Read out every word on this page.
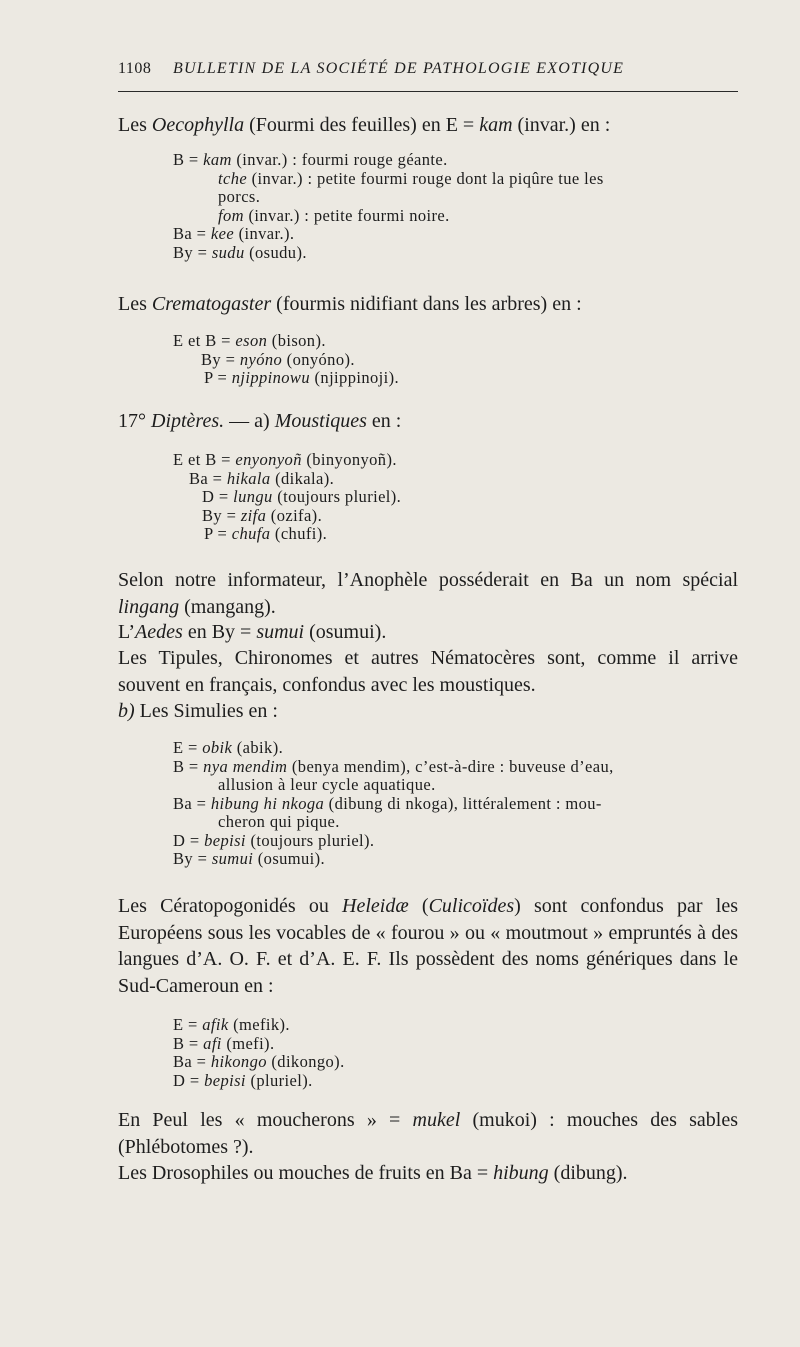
1108 BULLETIN DE LA SOCIÉTÉ DE PATHOLOGIE EXOTIQUE

Les Oecophylla (Fourmi des feuilles) en E = kam (invar.) en :

B = kam (invar.) : fourmi rouge géante.
tche (invar.) : petite fourmi rouge dont la piqûre tue les
porcs.
fom (invar.) : petite fourmi noire.
Ba = kee (invar.).
By = sudu (osudu).

Les Crematogaster (fourmis nidifiant dans les arbres) en :

E et B = eson (bison).
By = nyóno (onyóno).
P = njippinowu (njippinoji).

17° Diptères. — a) Moustiques en :

E et B = enyonyoñ (binyonyoñ).
Ba = hikala (dikala).
D = lungu (toujours pluriel).
By = zifa (ozifa).
P = chufa (chufi).

Selon notre informateur, l’Anophèle posséderait en Ba un nom spécial lingang (mangang).

L’Aedes en By = sumui (osumui).

Les Tipules, Chironomes et autres Nématocères sont, comme il arrive souvent en français, confondus avec les moustiques.

b) Les Simulies en :

E = obik (abik).
B = nya mendim (benya mendim), c’est-à-dire : buveuse d’eau,
allusion à leur cycle aquatique.
Ba = hibung hi nkoga (dibung di nkoga), littéralement : mou-
cheron qui pique.
D = bepisi (toujours pluriel).
By = sumui (osumui).

Les Cératopogonidés ou Heleidæ (Culicoïdes) sont confondus par les Européens sous les vocables de « fourou » ou « moutmout » empruntés à des langues d’A. O. F. et d’A. E. F. Ils possèdent des noms génériques dans le Sud-Cameroun en :

E = afik (mefik).
B = afi (mefi).
Ba = hikongo (dikongo).
D = bepisi (pluriel).

En Peul les « moucherons » = mukel (mukoi) : mouches des sables (Phlébotomes ?).

Les Drosophiles ou mouches de fruits en Ba = hibung (dibung).
